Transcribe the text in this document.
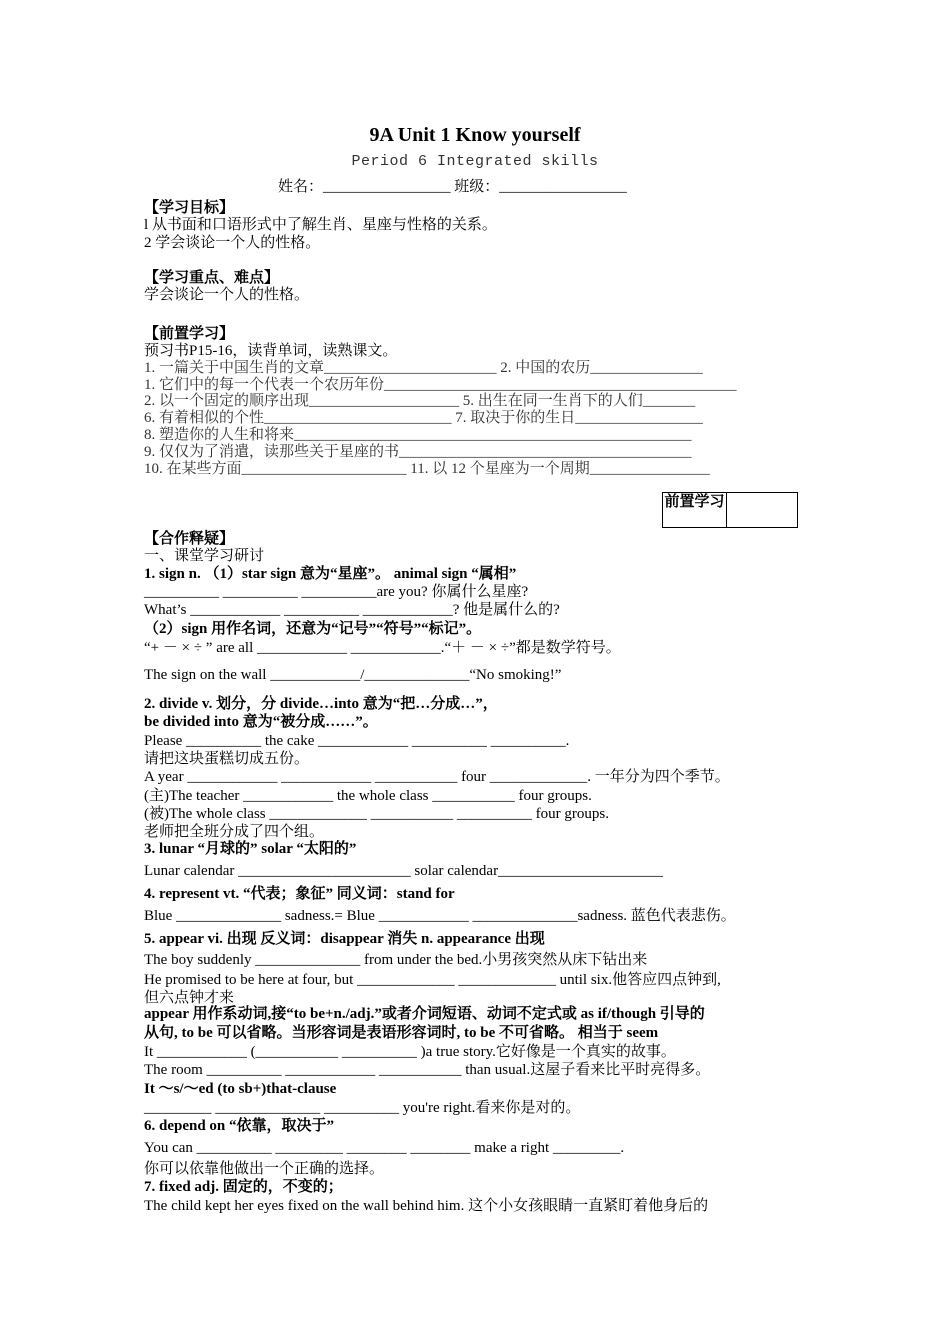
9A Unit 1 Know yourself
Period 6 Integrated skills
姓名：_________________ 班级：_________________
【学习目标】
l 从书面和口语形式中了解生肖、星座与性格的关系。
2 学会谈论一个人的性格。
【学习重点、难点】
学会谈论一个人的性格。
【前置学习】
预习书P15-16，读背单词，读熟课文。
1. 一篇关于中国生肖的文章_______________________ 2. 中国的农历_______________
1. 它们中的每一个代表一个农历年份_______________________________________________
2. 以一个固定的顺序出现____________________ 5. 出生在同一生肖下的人们_______
6. 有着相似的个性_________________________ 7. 取决于你的生日_________________
8. 塑造你的人生和将来_____________________________________________________
9. 仅仅为了消遣，读那些关于星座的书_______________________________________
10. 在某些方面______________________ 11. 以 12 个星座为一个周期________________
前置学习
【合作释疑】
一、课堂学习研讨
1. sign n. （1）star sign 意为“星座”。 animal sign “属相”
__________ __________ __________are you? 你属什么星座?
What’s ____________ __________ ____________? 他是属什么的?
（2）sign 用作名词，还意为“记号”“符号”“标记”。
“+ － × ÷ ” are all ____________ ____________.“＋ － × ÷”都是数学符号。
The sign on the wall ____________/______________“No smoking!”
2. divide v. 划分，分 divide…into 意为“把…分成…”，
be divided into 意为“被分成……”。
Please __________ the cake ____________ __________ __________.
请把这块蛋糕切成五份。
A year ____________ ____________ ___________ four _____________. 一年分为四个季节。
(主)The teacher ____________ the whole class ___________ four groups.
(被)The whole class _____________ ___________ __________ four groups.
老师把全班分成了四个组。
3. lunar “月球的” solar “太阳的”
Lunar calendar _______________________ solar calendar______________________
4. represent vt. “代表；象征” 同义词：stand for
Blue ______________ sadness.= Blue ____________ ______________sadness. 蓝色代表悲伤。
5. appear vi. 出现 反义词：disappear 消失 n. appearance 出现
The boy suddenly ______________ from under the bed.小男孩突然从床下钻出来
He promised to be here at four, but _____________ _____________ until six.他答应四点钟到,
但六点钟才来
appear 用作系动词,接“to be+n./adj.”或者介词短语、动词不定式或 as if/though 引导的
从句, to be 可以省略。当形容词是表语形容词时, to be 不可省略。 相当于 seem
It ____________ (___________ __________ )a true story.它好像是一个真实的故事。
The room __________ ____________ ___________ than usual.这屋子看来比平时亮得多。
It ～s/～ed (to sb+)that-clause
_________ ______________ __________ you're right.看来你是对的。
6. depend on “依靠，取决于”
You can __________ _________ ________ ________ make a right _________.
你可以依靠他做出一个正确的选择。
7. fixed adj. 固定的，不变的；
The child kept her eyes fixed on the wall behind him. 这个小女孩眼睛一直紧盯着他身后的
